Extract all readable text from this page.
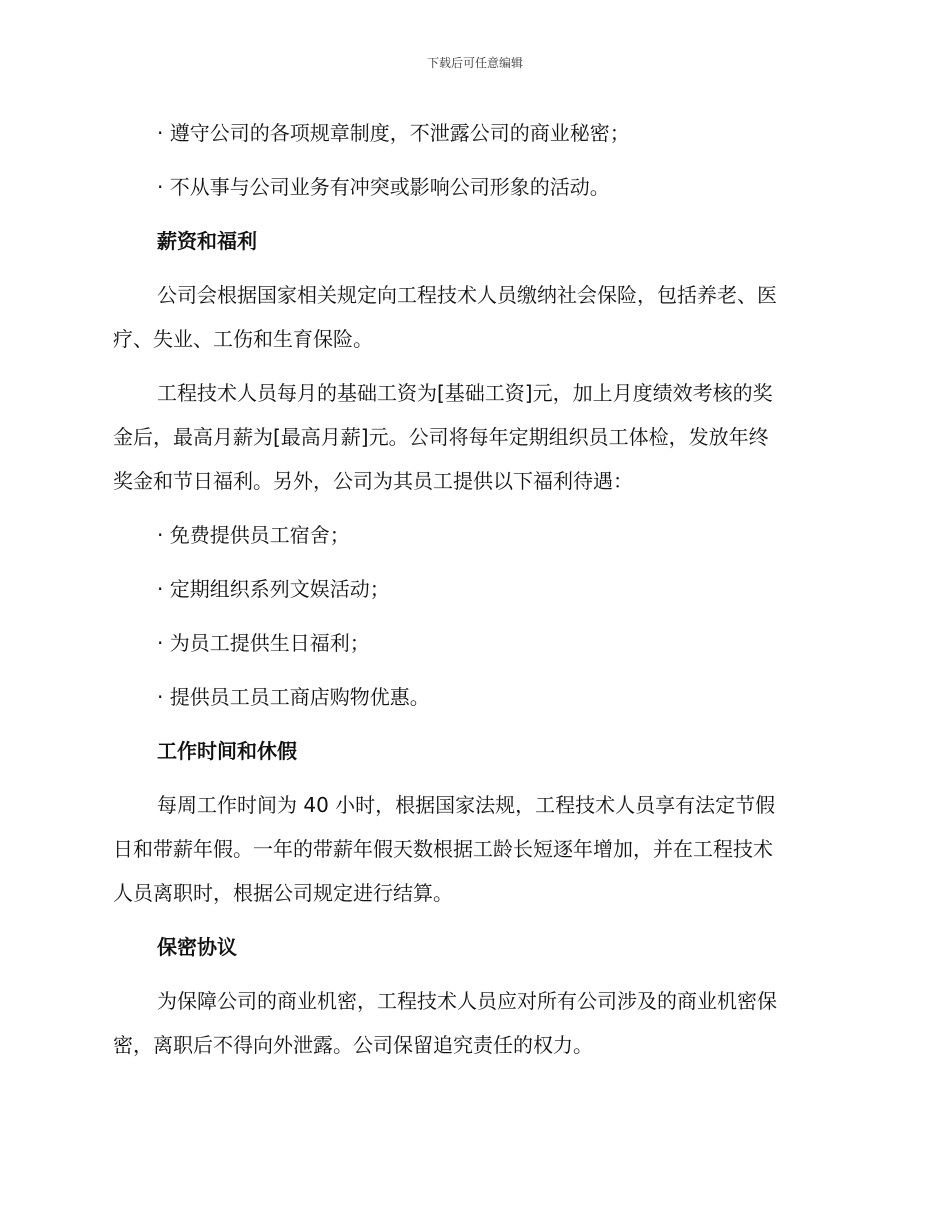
下载后可任意编辑
· 遵守公司的各项规章制度，不泄露公司的商业秘密；
· 不从事与公司业务有冲突或影响公司形象的活动。
薪资和福利
公司会根据国家相关规定向工程技术人员缴纳社会保险，包括养老、医
疗、失业、工伤和生育保险。
工程技术人员每月的基础工资为[基础工资]元，加上月度绩效考核的奖
金后，最高月薪为[最高月薪]元。公司将每年定期组织员工体检，发放年终
奖金和节日福利。另外，公司为其员工提供以下福利待遇：
· 免费提供员工宿舍；
· 定期组织系列文娱活动；
· 为员工提供生日福利；
· 提供员工员工商店购物优惠。
工作时间和休假
每周工作时间为 40 小时，根据国家法规，工程技术人员享有法定节假
日和带薪年假。一年的带薪年假天数根据工龄长短逐年增加，并在工程技术
人员离职时，根据公司规定进行结算。
保密协议
为保障公司的商业机密，工程技术人员应对所有公司涉及的商业机密保
密，离职后不得向外泄露。公司保留追究责任的权力。
